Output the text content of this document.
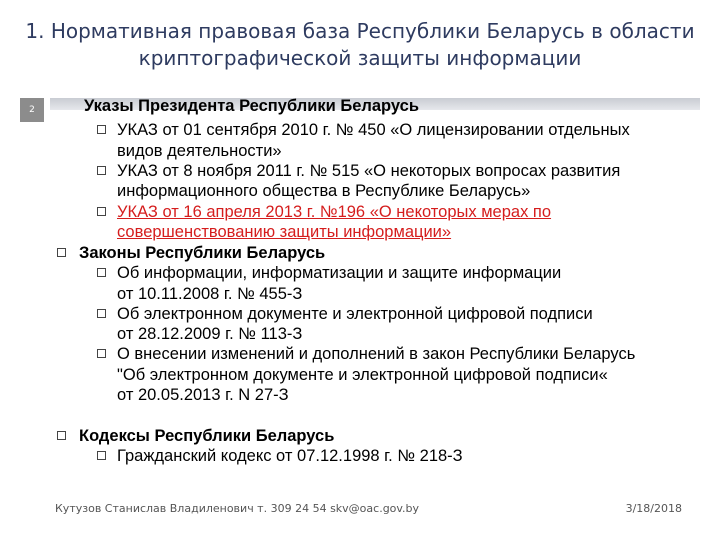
1. Нормативная правовая база Республики Беларусь в области криптографической защиты информации
2	Указы Президента Республики Беларусь
УКАЗ от 01 сентября 2010 г. № 450 «О лицензировании отдельных
видов деятельности»
УКАЗ от 8 ноября 2011 г. № 515 «О некоторых вопросах развития
информационного общества в Республике Беларусь»
УКАЗ от 16 апреля 2013 г. №196 «О некоторых мерах по
совершенствованию защиты информации»
Законы Республики Беларусь
Об информации, информатизации и защите информации
от 10.11.2008 г. № 455-З
Об электронном документе и электронной цифровой подписи
от 28.12.2009 г. № 113-З
О внесении изменений и дополнений в закон Республики Беларусь
"Об электронном документе и электронной цифровой подписи«
от 20.05.2013 г. N 27-З
Кодексы Республики Беларусь
Гражданский кодекс от 07.12.1998 г. № 218-З
Кутузов Станислав Владиленович т. 309 24 54 skv@oac.gov.by	3/18/2018
